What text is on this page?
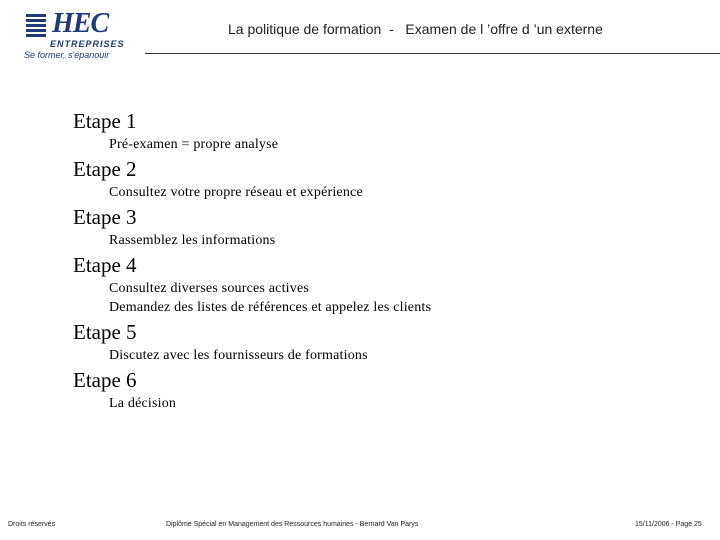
HEC
ENTREPRISES
Se former, s'épanouir
La politique de formation  -   Examen de l ’offre d ’un externe
Etape 1
Pré-examen = propre analyse
Etape 2
Consultez votre propre réseau et expérience
Etape 3
Rassemblez les informations
Etape 4
Consultez diverses sources actives
Demandez des listes de références et appelez les clients
Etape 5
Discutez avec les fournisseurs de formations
Etape 6
La décision
Droits réservés	Diplôme Spécial en Management des Ressources humaines - Bernard Van Parys	15/11/2006 - Page 25
